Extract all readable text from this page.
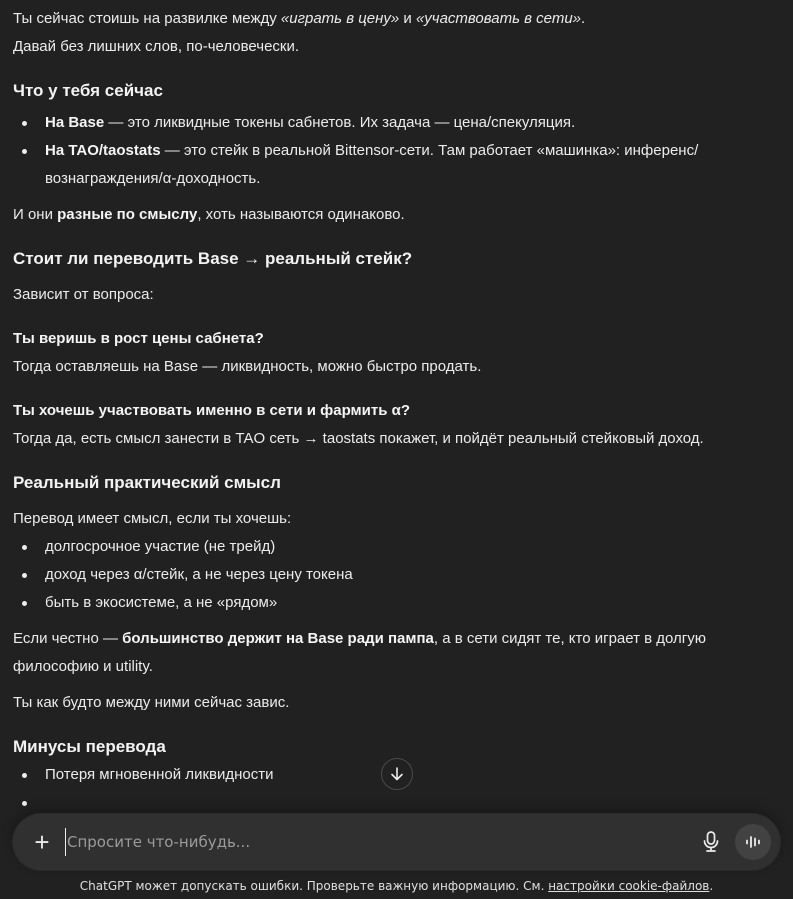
Ты сейчас стоишь на развилке между «играть в цену» и «участвовать в сети».

Давай без лишних слов, по-человечески.

Что у тебя сейчас
На Base — это ликвидные токены сабнетов. Их задача — цена/спекуляция.
На TAO/taostats — это стейк в реальной Bittensor-сети. Там работает «машинка»: инференс/вознаграждения/α-доходность.

И они разные по смыслу, хоть называются одинаково.

Стоит ли переводить Base → реальный стейк?

Зависит от вопроса:

Ты веришь в рост цены сабнета?

Тогда оставляешь на Base — ликвидность, можно быстро продать.

Ты хочешь участвовать именно в сети и фармить α?

Тогда да, есть смысл занести в TAO сеть → taostats покажет, и пойдёт реальный стейковый доход.

Реальный практический смысл

Перевод имеет смысл, если ты хочешь:

долгосрочное участие (не трейд)
доход через α/стейк, а не через цену токена
быть в экосистеме, а не «рядом»

Если честно — большинство держит на Base ради пампа, а в сети сидят те, кто играет в долгую философию и utility.

Ты как будто между ними сейчас завис.

Минусы перевода
Потеря мгновенной ликвидности
+
Спросите что-нибудь...
ChatGPT может допускать ошибки. Проверьте важную информацию. См. настройки cookie-файлов.
